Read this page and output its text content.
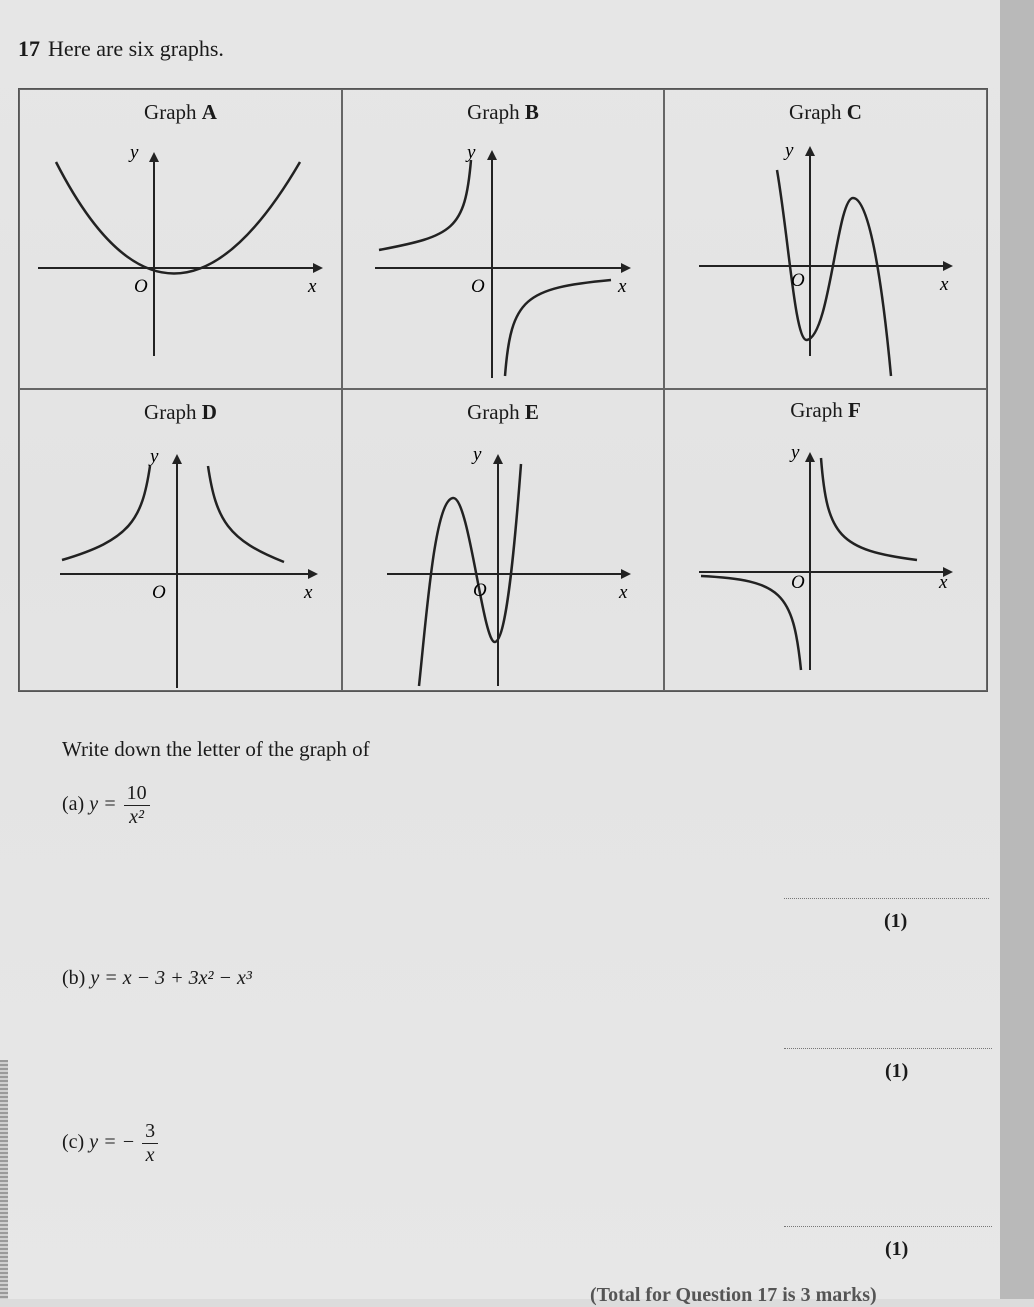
17 Here are six graphs.
Graph A
y
x
O
Graph B
y
x
O
Graph C
y
x
O
Graph D
y
x
O
Graph E
y
x
O
Graph F
y
x
O
Write down the letter of the graph of
(a) $y = \frac{10}{\text{x²}}$
(1)
(b) y = x − 3 + 3x² − x³
(1)
(c) y = − $\frac{3}{x}$
(1)
(Total for Question 17 is 3 marks)
